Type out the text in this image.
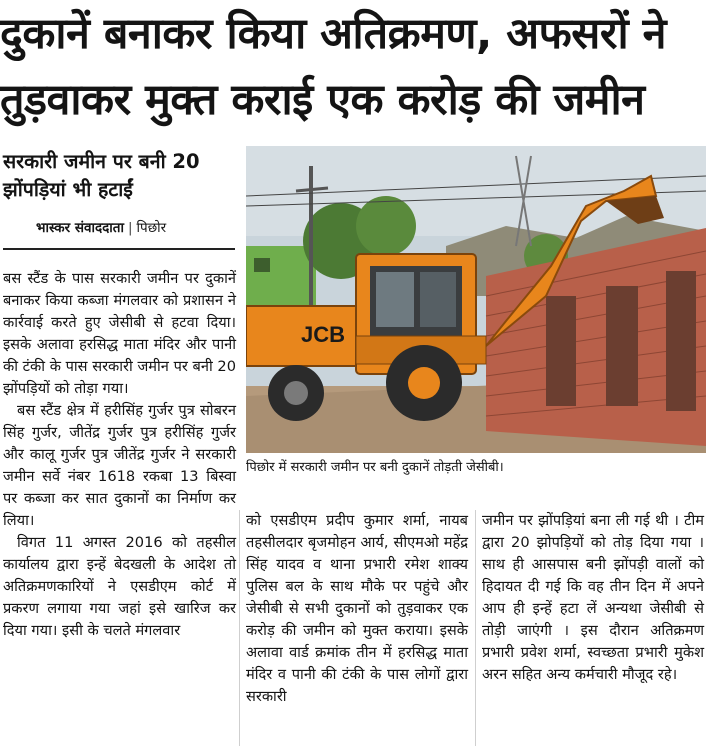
दुकानें बनाकर किया अतिक्रमण, अफसरों ने
तुड़वाकर मुक्त कराई एक करोड़ की जमीन
सरकारी जमीन पर बनी 20 झोंपड़ियां भी हटाईं
भास्कर संवाददाता | पिछोर

बस स्टैंड के पास सरकारी जमीन पर दुकानें बनाकर किया कब्जा मंगलवार को प्रशासन ने कार्रवाई करते हुए जेसीबी से हटवा दिया। इसके अलावा हरसिद्ध माता मंदिर और पानी की टंकी के पास सरकारी जमीन पर बनी 20 झोंपड़ियों को तोड़ा गया।

बस स्टैंड क्षेत्र में हरीसिंह गुर्जर पुत्र सोबरन सिंह गुर्जर, जीतेंद्र गुर्जर पुत्र हरीसिंह गुर्जर और कालू गुर्जर पुत्र जीतेंद्र गुर्जर ने सरकारी जमीन सर्वे नंबर 1618 रकबा 13 बिस्वा पर कब्जा कर सात दुकानों का निर्माण कर लिया।

विगत 11 अगस्त 2016 को तहसील कार्यालय द्वारा इन्हें बेदखली के आदेश तो अतिक्रमणकारियों ने एसडीएम कोर्ट में प्रकरण लगाया गया जहां इसे खारिज कर दिया गया। इसी के चलते मंगलवार

JCB
पिछोर में सरकारी जमीन पर बनी दुकानें तोड़ती जेसीबी।

को एसडीएम प्रदीप कुमार शर्मा, नायब तहसीलदार बृजमोहन आर्य, सीएमओ महेंद्र सिंह यादव व थाना प्रभारी रमेश शाक्य पुलिस बल के साथ मौके पर पहुंचे और जेसीबी से सभी दुकानों को तुड़वाकर एक करोड़ की जमीन को मुक्त कराया। इसके अलावा वार्ड क्रमांक तीन में हरसिद्ध माता मंदिर व पानी की टंकी के पास लोगों द्वारा सरकारी

जमीन पर झोंपड़ियां बना ली गई थी । टीम द्वारा 20 झोपड़ियों को तोड़ दिया गया । साथ ही आसपास बनी झोंपड़ी वालों को हिदायत दी गई कि वह तीन दिन में अपने आप ही इन्हें हटा लें अन्यथा जेसीबी से तोड़ी जाएंगी । इस दौरान अतिक्रमण प्रभारी प्रवेश शर्मा, स्वच्छता प्रभारी मुकेश अरन सहित अन्य कर्मचारी मौजूद रहे।
